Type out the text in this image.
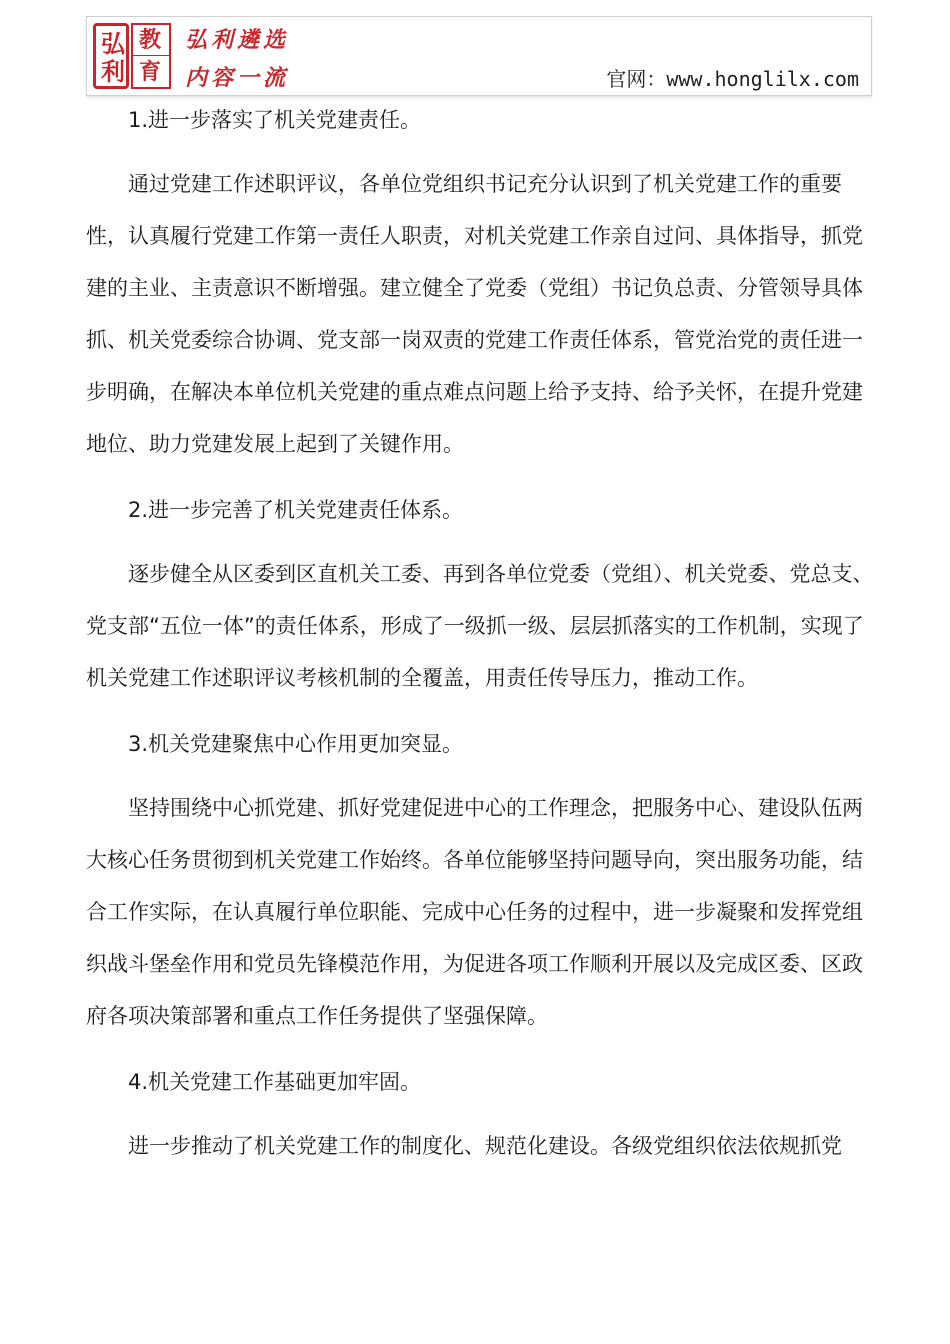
弘
利
教
育
弘利遴选
内容一流	官网：www.honglilx.com

1.进一步落实了机关党建责任。

通过党建工作述职评议，各单位党组织书记充分认识到了机关党建工作的重要性，认真履行党建工作第一责任人职责，对机关党建工作亲自过问、具体指导，抓党建的主业、主责意识不断增强。建立健全了党委（党组）书记负总责、分管领导具体抓、机关党委综合协调、党支部一岗双责的党建工作责任体系，管党治党的责任进一步明确，在解决本单位机关党建的重点难点问题上给予支持、给予关怀，在提升党建地位、助力党建发展上起到了关键作用。

2.进一步完善了机关党建责任体系。

逐步健全从区委到区直机关工委、再到各单位党委（党组）、机关党委、党总支、党支部“五位一体”的责任体系，形成了一级抓一级、层层抓落实的工作机制，实现了机关党建工作述职评议考核机制的全覆盖，用责任传导压力，推动工作。

3.机关党建聚焦中心作用更加突显。

坚持围绕中心抓党建、抓好党建促进中心的工作理念，把服务中心、建设队伍两大核心任务贯彻到机关党建工作始终。各单位能够坚持问题导向，突出服务功能，结合工作实际，在认真履行单位职能、完成中心任务的过程中，进一步凝聚和发挥党组织战斗堡垒作用和党员先锋模范作用，为促进各项工作顺利开展以及完成区委、区政府各项决策部署和重点工作任务提供了坚强保障。

4.机关党建工作基础更加牢固。

进一步推动了机关党建工作的制度化、规范化建设。各级党组织依法依规抓党
